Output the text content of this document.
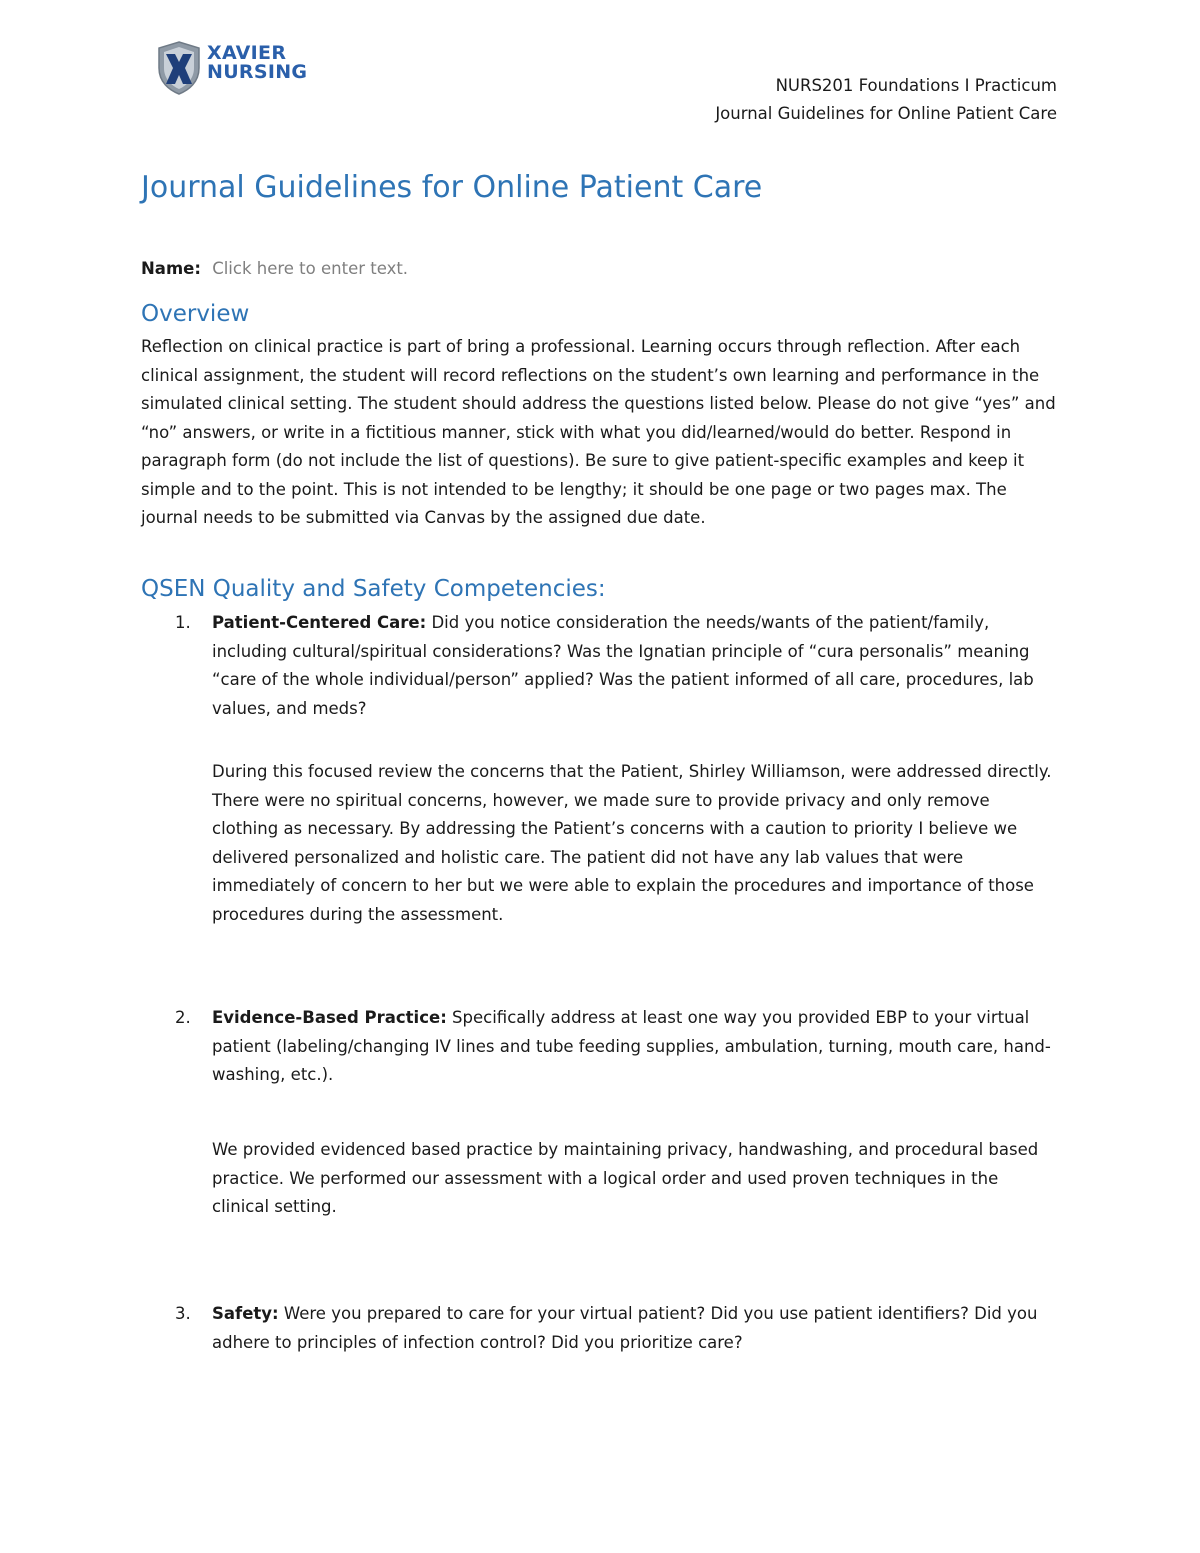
X
XAVIER
NURSING
NURS201 Foundations I Practicum
Journal Guidelines for Online Patient Care
Journal Guidelines for Online Patient Care
Name: Click here to enter text.
Overview
Reflection on clinical practice is part of bring a professional. Learning occurs through reflection. After each clinical assignment, the student will record reflections on the student’s own learning and performance in the simulated clinical setting. The student should address the questions listed below. Please do not give “yes” and “no” answers, or write in a fictitious manner, stick with what you did/learned/would do better. Respond in paragraph form (do not include the list of questions). Be sure to give patient-specific examples and keep it simple and to the point. This is not intended to be lengthy; it should be one page or two pages max. The journal needs to be submitted via Canvas by the assigned due date.
QSEN Quality and Safety Competencies:
1.	Patient-Centered Care: Did you notice consideration the needs/wants of the patient/family, including cultural/spiritual considerations? Was the Ignatian principle of “cura personalis” meaning “care of the whole individual/person” applied? Was the patient informed of all care, procedures, lab values, and meds?
During this focused review the concerns that the Patient, Shirley Williamson, were addressed directly. There were no spiritual concerns, however, we made sure to provide privacy and only remove clothing as necessary. By addressing the Patient’s concerns with a caution to priority I believe we delivered personalized and holistic care. The patient did not have any lab values that were immediately of concern to her but we were able to explain the procedures and importance of those procedures during the assessment.
2.	Evidence-Based Practice: Specifically address at least one way you provided EBP to your virtual patient (labeling/changing IV lines and tube feeding supplies, ambulation, turning, mouth care, hand-washing, etc.).
We provided evidenced based practice by maintaining privacy, handwashing, and procedural based practice. We performed our assessment with a logical order and used proven techniques in the clinical setting.
3.	Safety: Were you prepared to care for your virtual patient? Did you use patient identifiers? Did you adhere to principles of infection control? Did you prioritize care?
